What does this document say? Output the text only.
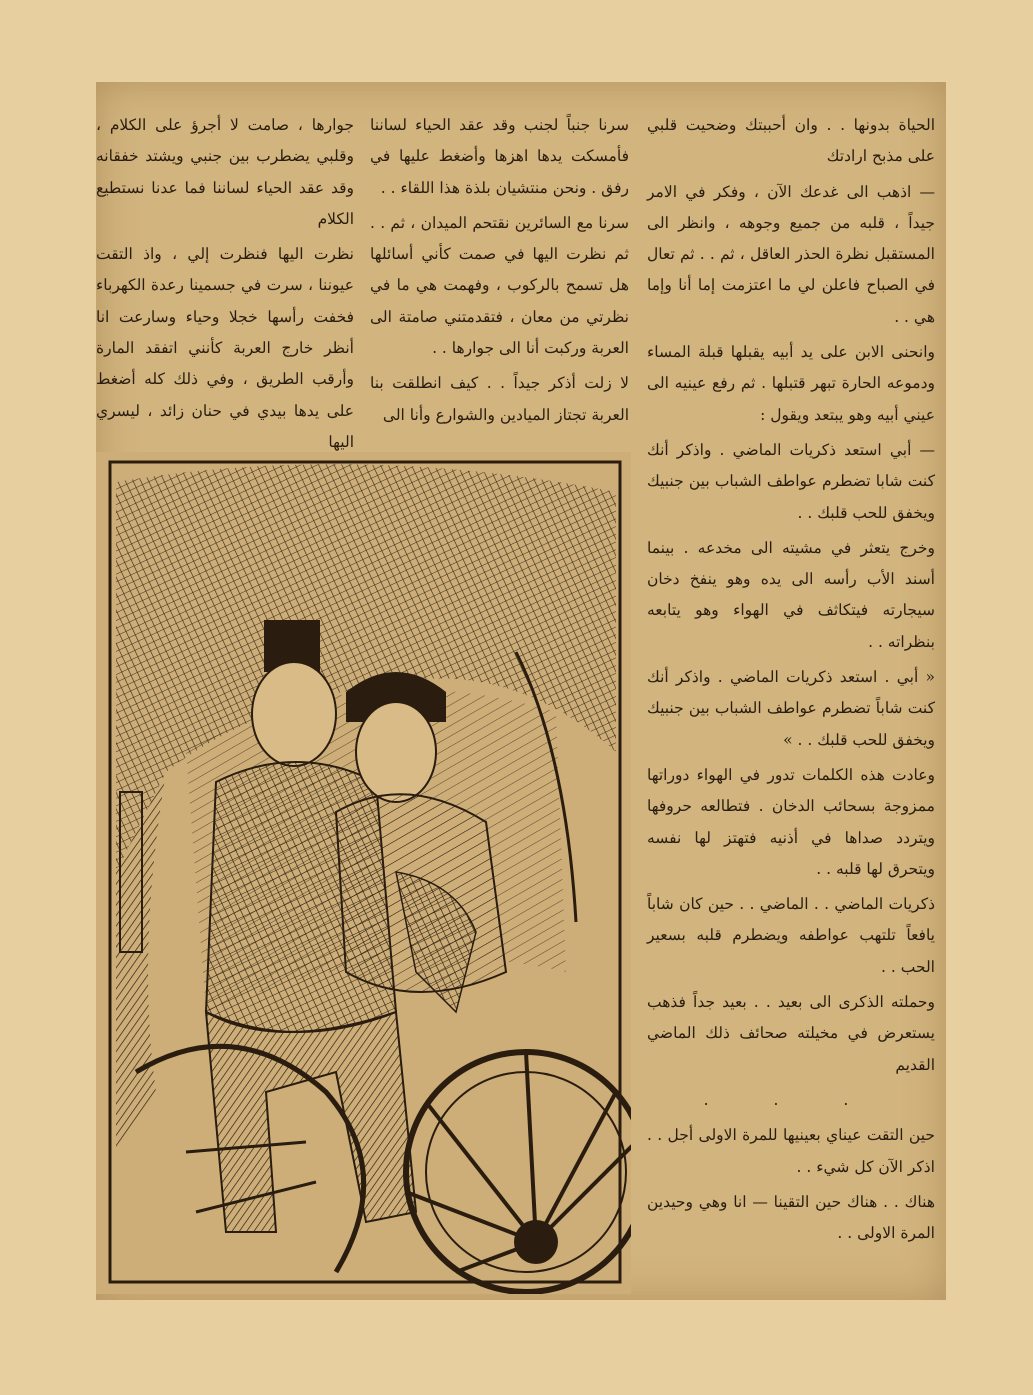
الحياة بدونها . . وان أحببتك وضحيت قلبي على مذبح ارادتك

— اذهب الى غدعك الآن ، وفكر في الامر جيداً ، قلبه من جميع وجوهه ، وانظر الى المستقبل نظرة الحذر العاقل ، ثم . . ثم تعال في الصباح فاعلن لي ما اعتزمت إما أنا وإما هي . .

وانحنى الابن على يد أبيه يقبلها قبلة المساء ودموعه الحارة تبهر قتبلها . ثم رفع عينيه الى عيني أبيه وهو يبتعد ويقول :

— أبي استعد ذكريات الماضي . واذكر أنك كنت شابا تضطرم عواطف الشباب بين جنبيك ويخفق للحب قلبك . .

وخرج يتعثر في مشيته الى مخدعه . بينما أسند الأب رأسه الى يده وهو ينفخ دخان سيجارته فيتكاثف في الهواء وهو يتابعه بنظراته . .

« أبي . استعد ذكريات الماضي . واذكر أنك كنت شاباً تضطرم عواطف الشباب بين جنبيك ويخفق للحب قلبك . . »

وعادت هذه الكلمات تدور في الهواء دوراتها ممزوجة بسحائب الدخان . فتطالعه حروفها ويتردد صداها في أذنيه فتهتز لها نفسه ويتحرق لها قلبه . .

ذكريات الماضي . . الماضي . . حين كان شاباً يافعاً تلتهب عواطفه ويضطرم قلبه بسعير الحب . .

وحملته الذكرى الى بعيد . . بعيد جداً فذهب يستعرض في مخيلته صحائف ذلك الماضي القديم

. . .

حين التقت عيناي بعينيها للمرة الاولى أجل . . اذكر الآن كل شيء . .

هناك . . هناك حين التقينا — انا وهي وحيدين المرة الاولى . .

سرنا جنباً لجنب وقد عقد الحياء لساننا فأمسكت يدها اهزها وأضغط عليها في رفق . ونحن منتشيان بلذة هذا اللقاء . .

سرنا مع السائرين نقتحم الميدان ، ثم . . ثم نظرت اليها في صمت كأني أسائلها هل تسمح بالركوب ، وفهمت هي ما في نظرتي من معان ، فتقدمتني صامتة الى العربة وركبت أنا الى جوارها . .

لا زلت أذكر جيداً . . كيف انطلقت بنا العربة تجتاز الميادين والشوارع وأنا الى

جوارها ، صامت لا أجرؤ على الكلام ، وقلبي يضطرب بين جنبي ويشتد خفقانه وقد عقد الحياء لساننا فما عدنا نستطيع الكلام

نظرت اليها فنظرت إلي ، واذ التقت عيوننا ، سرت في جسمينا رعدة الكهرباء فخفت رأسها خجلا وحياء وسارعت انا أنظر خارج العربة كأنني اتفقد المارة وأرقب الطريق ، وفي ذلك كله أضغط على يدها بيدي في حنان زائد ، ليسري اليها
